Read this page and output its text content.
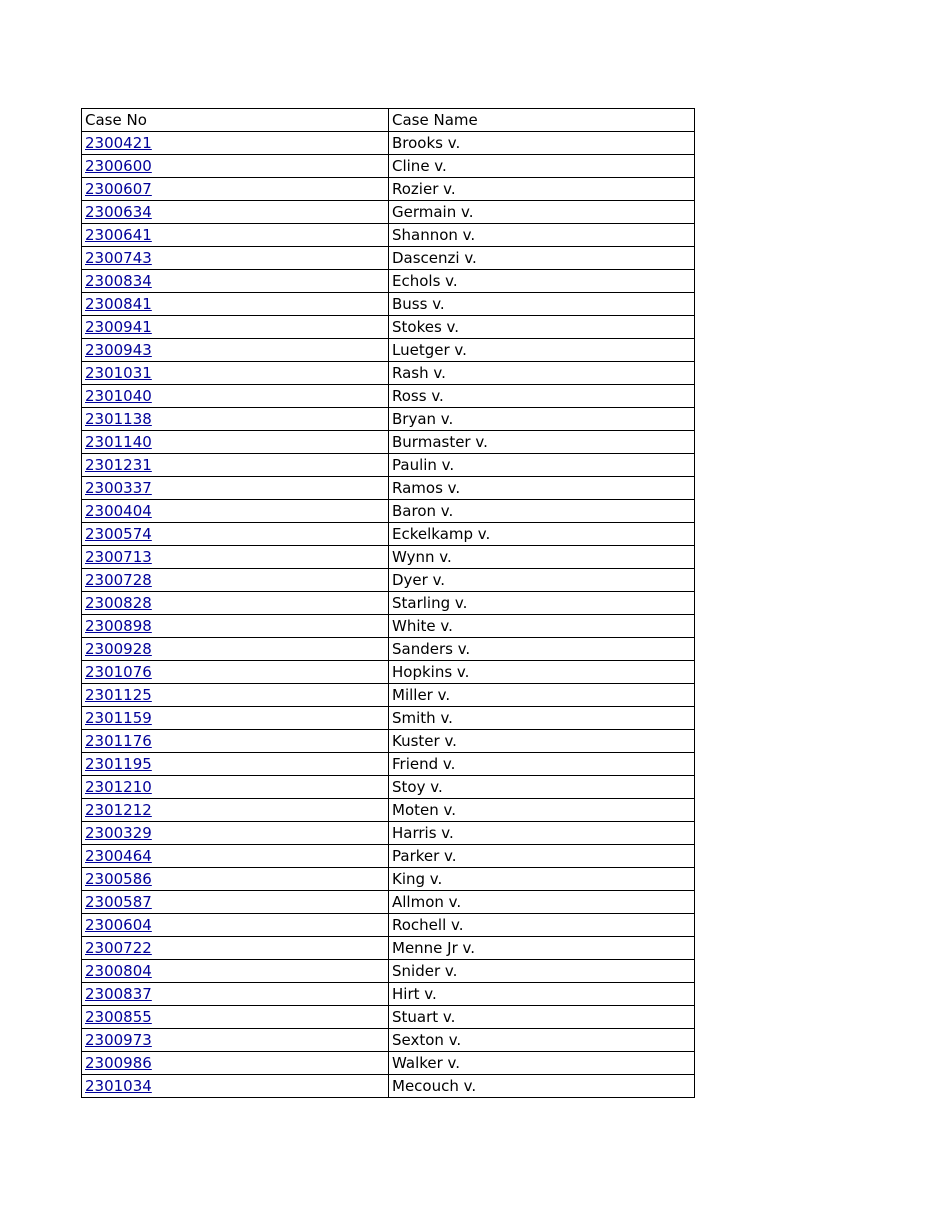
Case No	Case Name
2300421	Brooks v.
2300600	Cline v.
2300607	Rozier v.
2300634	Germain v.
2300641	Shannon v.
2300743	Dascenzi v.
2300834	Echols v.
2300841	Buss v.
2300941	Stokes v.
2300943	Luetger v.
2301031	Rash v.
2301040	Ross v.
2301138	Bryan v.
2301140	Burmaster v.
2301231	Paulin v.
2300337	Ramos v.
2300404	Baron v.
2300574	Eckelkamp v.
2300713	Wynn v.
2300728	Dyer v.
2300828	Starling v.
2300898	White v.
2300928	Sanders v.
2301076	Hopkins v.
2301125	Miller v.
2301159	Smith v.
2301176	Kuster v.
2301195	Friend v.
2301210	Stoy v.
2301212	Moten v.
2300329	Harris v.
2300464	Parker v.
2300586	King v.
2300587	Allmon v.
2300604	Rochell v.
2300722	Menne Jr v.
2300804	Snider v.
2300837	Hirt v.
2300855	Stuart v.
2300973	Sexton v.
2300986	Walker v.
2301034	Mecouch v.
